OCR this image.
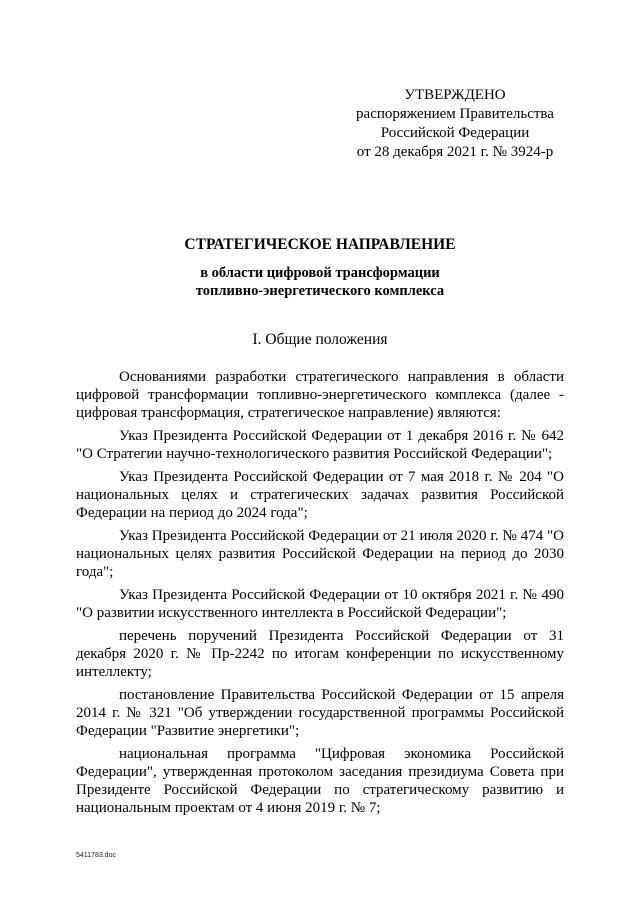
УТВЕРЖДЕНО
распоряжением Правительства
Российской Федерации
от 28 декабря 2021 г. № 3924-р
СТРАТЕГИЧЕСКОЕ НАПРАВЛЕНИЕ
в области цифровой трансформации
топливно-энергетического комплекса
I. Общие положения

Основаниями разработки стратегического направления в области цифровой трансформации топливно-энергетического комплекса (далее - цифровая трансформация, стратегическое направление) являются:

Указ Президента Российской Федерации от 1 декабря 2016 г. № 642 "О Стратегии научно-технологического развития Российской Федерации";

Указ Президента Российской Федерации от 7 мая 2018 г. № 204 "О национальных целях и стратегических задачах развития Российской Федерации на период до 2024 года";

Указ Президента Российской Федерации от 21 июля 2020 г. № 474 "О национальных целях развития Российской Федерации на период до 2030 года";

Указ Президента Российской Федерации от 10 октября 2021 г. № 490 "О развитии искусственного интеллекта в Российской Федерации";

перечень поручений Президента Российской Федерации от 31 декабря 2020 г. № Пр-2242 по итогам конференции по искусственному интеллекту;

постановление Правительства Российской Федерации от 15 апреля 2014 г. № 321 "Об утверждении государственной программы Российской Федерации "Развитие энергетики";

национальная программа "Цифровая экономика Российской Федерации", утвержденная протоколом заседания президиума Совета при Президенте Российской Федерации по стратегическому развитию и национальным проектам от 4 июня 2019 г. № 7;

5411783.doc
